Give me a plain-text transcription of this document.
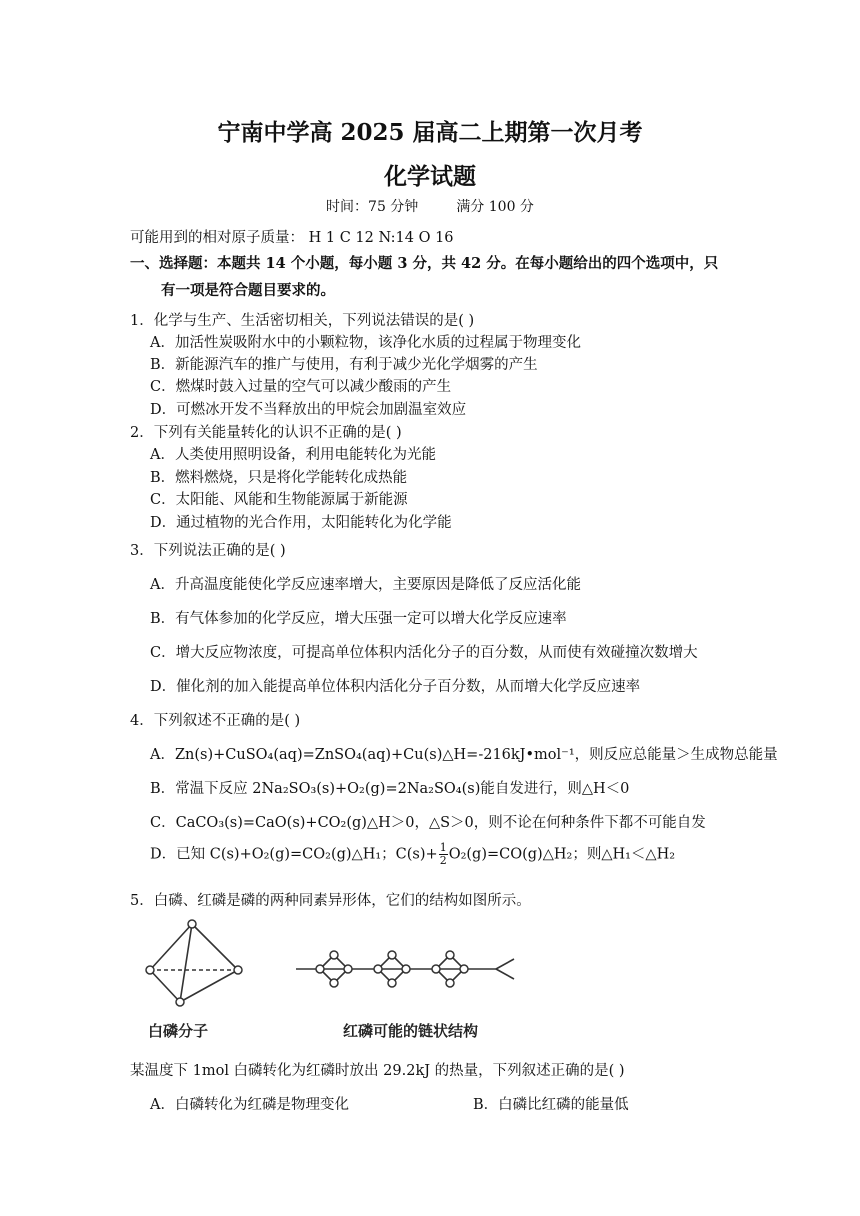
宁南中学高 2025 届高二上期第一次月考
化学试题
时间：75 分钟	满分 100 分
可能用到的相对原子质量： H 1 C 12 N:14 O 16
一、选择题：本题共 14 个小题，每小题 3 分，共 42 分。在每小题给出的四个选项中，只
有一项是符合题目要求的。
1．化学与生产、生活密切相关，下列说法错误的是( )
A．加活性炭吸附水中的小颗粒物，该净化水质的过程属于物理变化
B．新能源汽车的推广与使用，有利于减少光化学烟雾的产生
C．燃煤时鼓入过量的空气可以减少酸雨的产生
D．可燃冰开发不当释放出的甲烷会加剧温室效应
2．下列有关能量转化的认识不正确的是( )
A．人类使用照明设备，利用电能转化为光能
B．燃料燃烧，只是将化学能转化成热能
C．太阳能、风能和生物能源属于新能源
D．通过植物的光合作用，太阳能转化为化学能
3．下列说法正确的是( )
A．升高温度能使化学反应速率增大，主要原因是降低了反应活化能
B．有气体参加的化学反应，增大压强一定可以增大化学反应速率
C．增大反应物浓度，可提高单位体积内活化分子的百分数，从而使有效碰撞次数增大
D．催化剂的加入能提高单位体积内活化分子百分数，从而增大化学反应速率
4．下列叙述不正确的是( )
A．Zn(s)+CuSO₄(aq)=ZnSO₄(aq)+Cu(s)△H=-216kJ•mol⁻¹，则反应总能量＞生成物总能量
B．常温下反应 2Na₂SO₃(s)+O₂(g)=2Na₂SO₄(s)能自发进行，则△H＜0
C．CaCO₃(s)=CaO(s)+CO₂(g)△H＞0，△S＞0，则不论在何种条件下都不可能自发
D．已知 C(s)+O₂(g)=CO₂(g)△H₁；$C(s)+ \frac{1}{2}$ O₂(g)=CO(g)△H₂；则△H₁＜△H₂
5．白磷、红磷是磷的两种同素异形体，它们的结构如图所示。
白磷分子	红磷可能的链状结构
某温度下 1mol 白磷转化为红磷时放出 29.2kJ 的热量，下列叙述正确的是( )
A．白磷转化为红磷是物理变化	B．白磷比红磷的能量低
